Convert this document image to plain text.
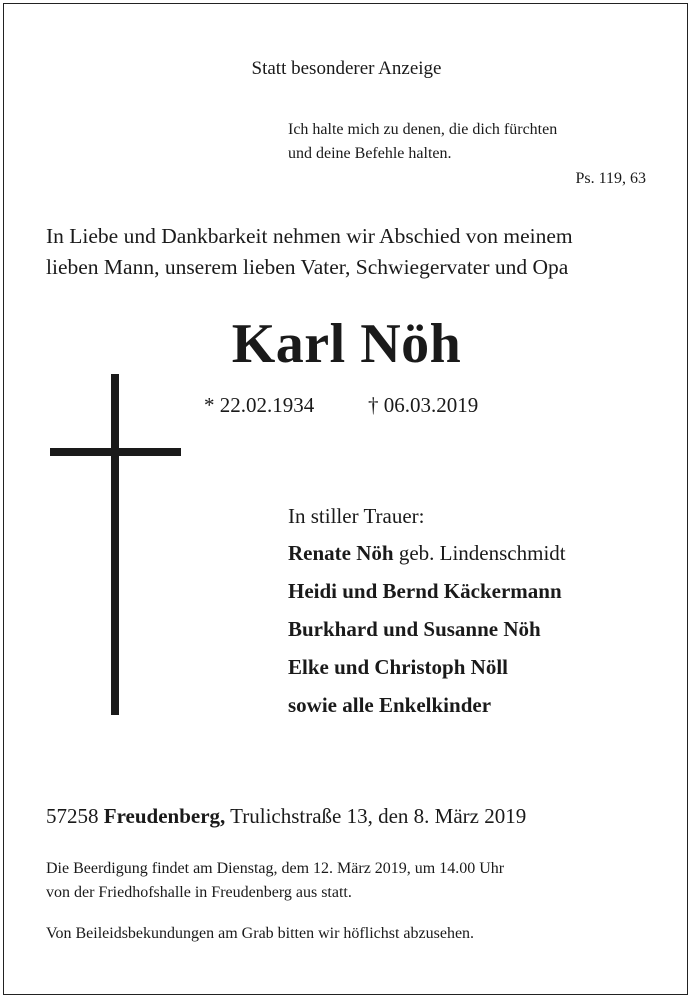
Statt besonderer Anzeige
Ich halte mich zu denen, die dich fürchten
und deine Befehle halten.
Ps. 119, 63
In Liebe und Dankbarkeit nehmen wir Abschied von meinem
lieben Mann, unserem lieben Vater, Schwiegervater und Opa
Karl Nöh
* 22.02.1934	† 06.03.2019
In stiller Trauer:
Renate Nöh geb. Lindenschmidt
Heidi und Bernd Käckermann
Burkhard und Susanne Nöh
Elke und Christoph Nöll
sowie alle Enkelkinder
57258 Freudenberg, Trulichstraße 13, den 8. März 2019
Die Beerdigung findet am Dienstag, dem 12. März 2019, um 14.00 Uhr
von der Friedhofshalle in Freudenberg aus statt.
Von Beileidsbekundungen am Grab bitten wir höflichst abzusehen.
